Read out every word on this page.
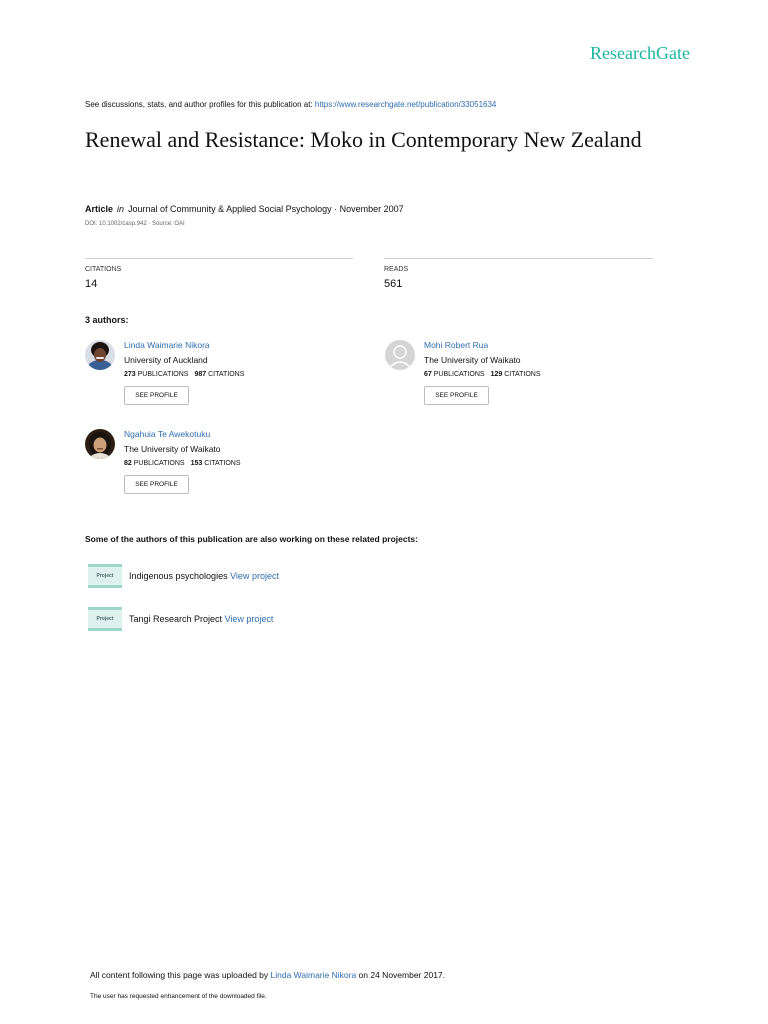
ResearchGate
See discussions, stats, and author profiles for this publication at: https://www.researchgate.net/publication/33051634
Renewal and Resistance: Moko in Contemporary New Zealand
Article in Journal of Community & Applied Social Psychology · November 2007
DOI: 10.1002/casp.942 · Source: OAI
CITATIONS
14
READS
561
3 authors:
Linda Waimarie Nikora
University of Auckland
273 PUBLICATIONS 987 CITATIONS
SEE PROFILE
Mohi Robert Rua
The University of Waikato
67 PUBLICATIONS 129 CITATIONS
SEE PROFILE
Ngahuia Te Awekotuku
The University of Waikato
82 PUBLICATIONS 153 CITATIONS
SEE PROFILE
Some of the authors of this publication are also working on these related projects:
Project	Indigenous psychologies View project
Project	Tangi Research Project View project
All content following this page was uploaded by Linda Waimarie Nikora on 24 November 2017.
The user has requested enhancement of the downloaded file.
